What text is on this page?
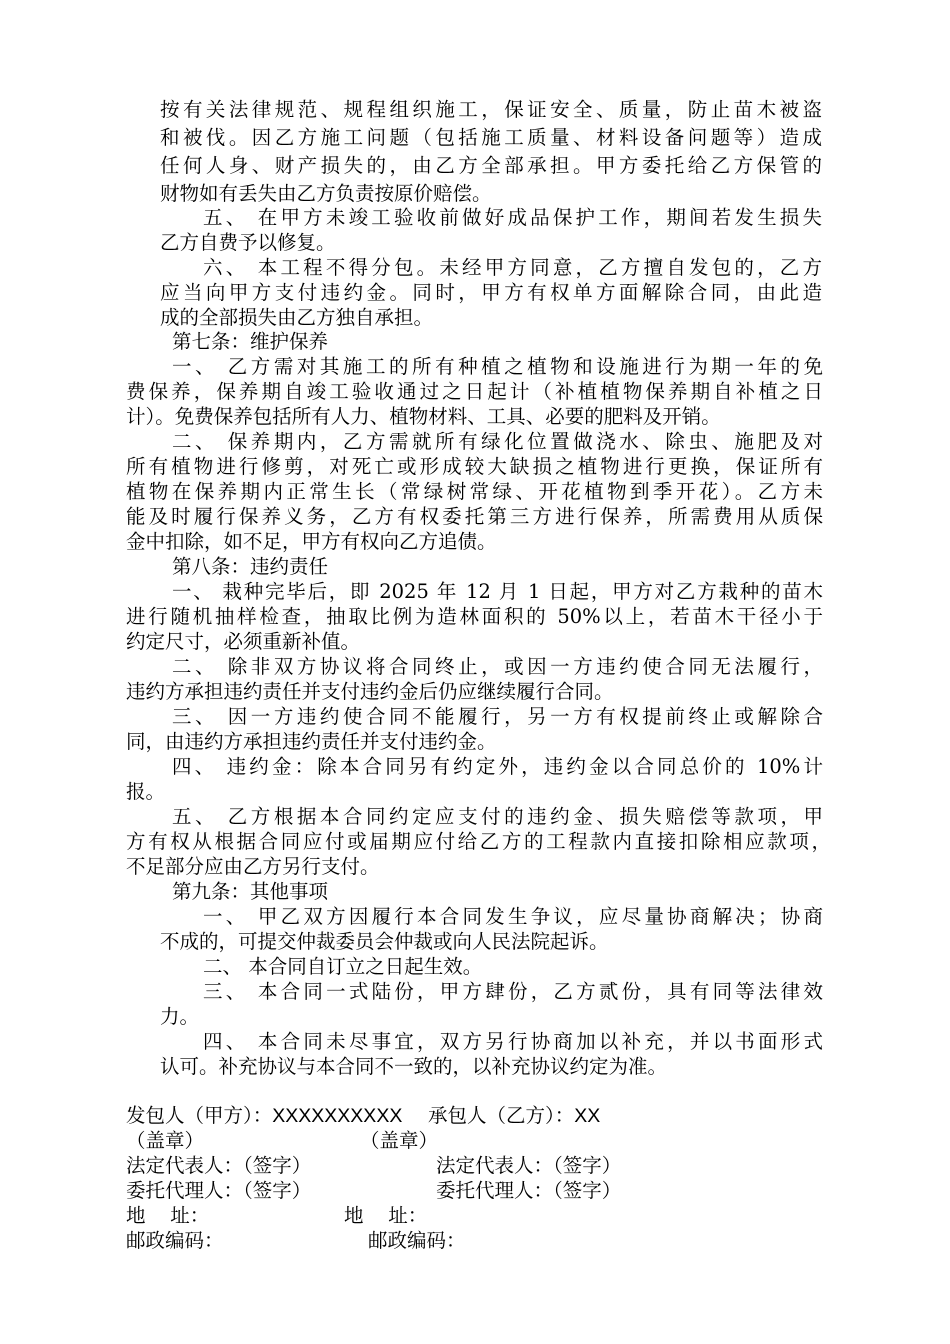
按有关法律规范、规程组织施工，保证安全、质量，防止苗木被盗
和被伐。因乙方施工问题（包括施工质量、材料设备问题等）造成
任何人身、财产损失的，由乙方全部承担。甲方委托给乙方保管的
财物如有丢失由乙方负责按原价赔偿。
五、 在甲方未竣工验收前做好成品保护工作，期间若发生损失
乙方自费予以修复。
六、 本工程不得分包。未经甲方同意，乙方擅自发包的，乙方
应当向甲方支付违约金。同时，甲方有权单方面解除合同，由此造
成的全部损失由乙方独自承担。
第七条：维护保养
一、 乙方需对其施工的所有种植之植物和设施进行为期一年的免
费保养，保养期自竣工验收通过之日起计（补植植物保养期自补植之日
计）。免费保养包括所有人力、植物材料、工具、必要的肥料及开销。
二、 保养期内，乙方需就所有绿化位置做浇水、除虫、施肥及对
所有植物进行修剪，对死亡或形成较大缺损之植物进行更换，保证所有
植物在保养期内正常生长（常绿树常绿、开花植物到季开花）。乙方未
能及时履行保养义务，乙方有权委托第三方进行保养，所需费用从质保
金中扣除，如不足，甲方有权向乙方追债。
第八条：违约责任
一、 栽种完毕后，即 2025 年 12 月 1 日起，甲方对乙方栽种的苗木
进行随机抽样检查，抽取比例为造林面积的 50%以上，若苗木干径小于
约定尺寸，必须重新补值。
二、 除非双方协议将合同终止，或因一方违约使合同无法履行，
违约方承担违约责任并支付违约金后仍应继续履行合同。
三、 因一方违约使合同不能履行，另一方有权提前终止或解除合
同，由违约方承担违约责任并支付违约金。
四、 违约金：除本合同另有约定外，违约金以合同总价的 10%计
报。
五、 乙方根据本合同约定应支付的违约金、损失赔偿等款项，甲
方有权从根据合同应付或届期应付给乙方的工程款内直接扣除相应款项，
不足部分应由乙方另行支付。
第九条：其他事项
一、 甲乙双方因履行本合同发生争议，应尽量协商解决；协商
不成的，可提交仲裁委员会仲裁或向人民法院起诉。
二、 本合同自订立之日起生效。
三、 本合同一式陆份，甲方肆份，乙方贰份，具有同等法律效
力。
四、 本合同未尽事宜，双方另行协商加以补充，并以书面形式
认可。补充协议与本合同不一致的，以补充协议约定为准。
发包人（甲方）：XXXXXXXXXX 承包人（乙方）：XX
（盖章）	（盖章）
法定代表人：（签字）	法定代表人：（签字）
委托代理人：（签字）	委托代理人：（签字）
地    址：	地    址：
邮政编码：	邮政编码：
